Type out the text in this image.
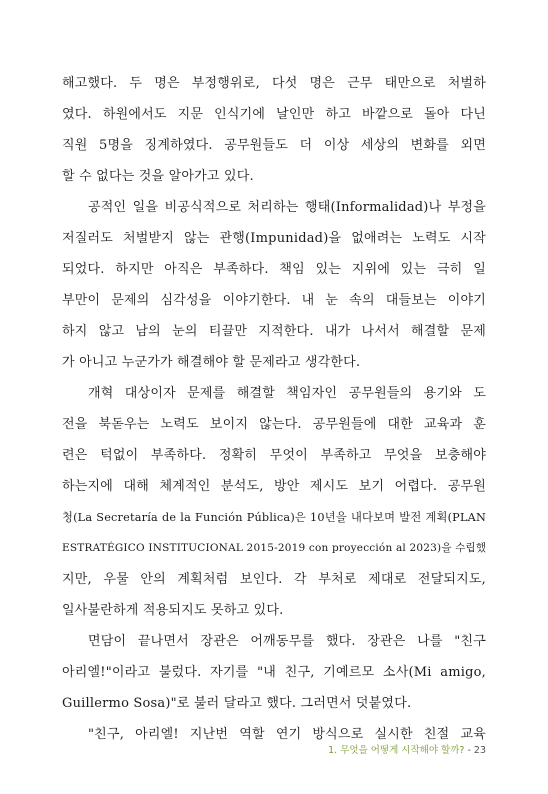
해고했다. 두 명은 부정행위로, 다섯 명은 근무 태만으로 처벌하
였다. 하원에서도 지문 인식기에 날인만 하고 바깥으로 돌아 다닌
직원 5명을 징계하였다. 공무원들도 더 이상 세상의 변화를 외면
할 수 없다는 것을 알아가고 있다.
공적인 일을 비공식적으로 처리하는 행태(Informalidad)나 부정을
저질러도 처벌받지 않는 관행(Impunidad)을 없애려는 노력도 시작
되었다. 하지만 아직은 부족하다. 책임 있는 지위에 있는 극히 일
부만이 문제의 심각성을 이야기한다. 내 눈 속의 대들보는 이야기
하지 않고 남의 눈의 티끌만 지적한다. 내가 나서서 해결할 문제
가 아니고 누군가가 해결해야 할 문제라고 생각한다.
개혁 대상이자 문제를 해결할 책임자인 공무원들의 용기와 도
전을 북돋우는 노력도 보이지 않는다. 공무원들에 대한 교육과 훈
련은 턱없이 부족하다. 정확히 무엇이 부족하고 무엇을 보충해야
하는지에 대해 체계적인 분석도, 방안 제시도 보기 어렵다. 공무원
청(La Secretaría de la Función Pública)은 10년을 내다보며 발전 계획(PLAN
ESTRATÉGICO INSTITUCIONAL 2015-2019 con proyección al 2023)을 수립했
지만, 우물 안의 계획처럼 보인다. 각 부처로 제대로 전달되지도,
일사불란하게 적용되지도 못하고 있다.
면담이 끝나면서 장관은 어깨동무를 했다. 장관은 나를 "친구
아리엘!"이라고 불렀다. 자기를 "내 친구, 기예르모 소사(Mi amigo,
Guillermo Sosa)"로 불러 달라고 했다. 그러면서 덧붙였다.
"친구, 아리엘! 지난번 역할 연기 방식으로 실시한 친절 교육
1. 무엇을 어떻게 시작해야 할까? - 23
